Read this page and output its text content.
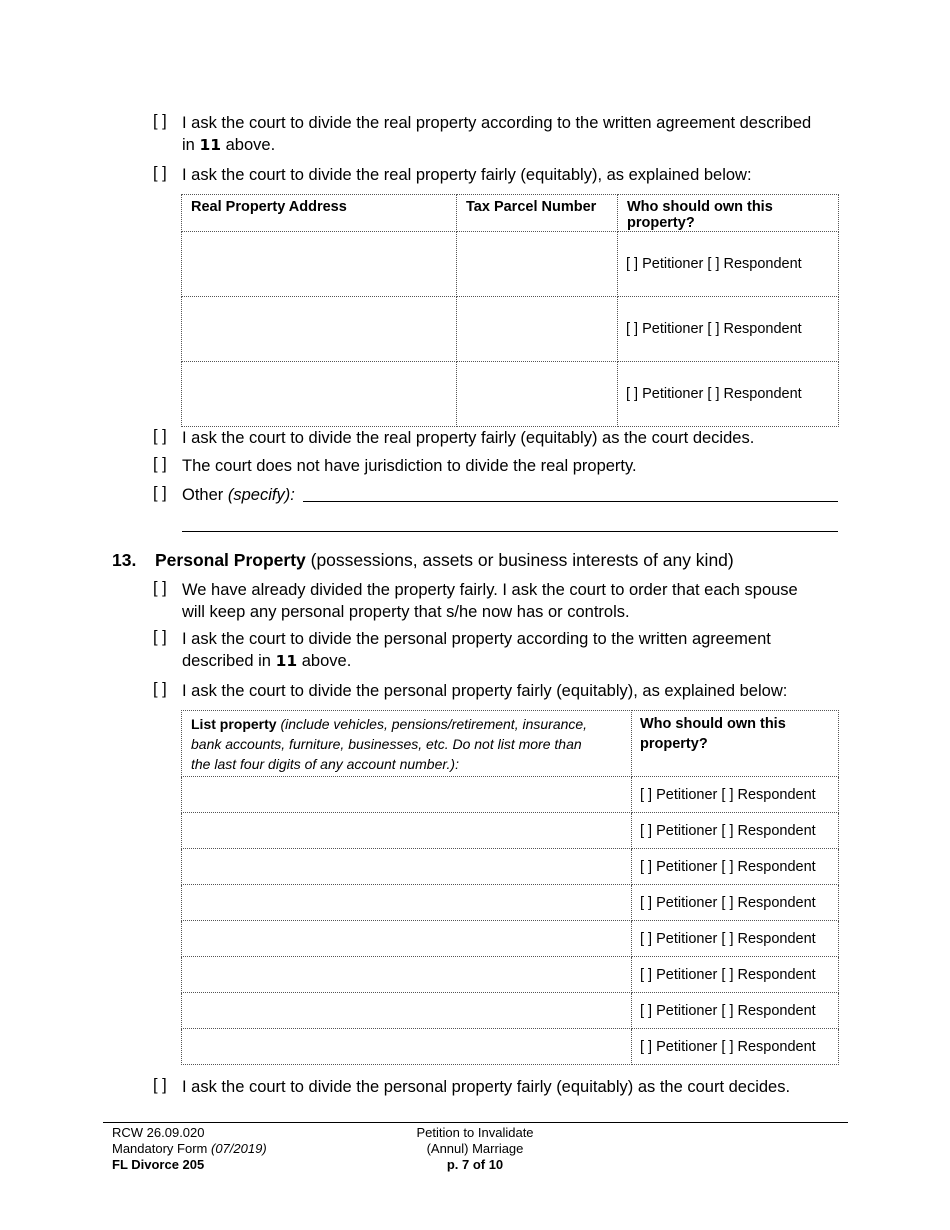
[ ] I ask the court to divide the real property according to the written agreement described
in 11 above.
[ ] I ask the court to divide the real property fairly (equitably), as explained below:
Real Property Address	Tax Parcel Number	Who should own this property?
		[ ] Petitioner [ ] Respondent
		[ ] Petitioner [ ] Respondent
		[ ] Petitioner [ ] Respondent
[ ] I ask the court to divide the real property fairly (equitably) as the court decides.
[ ] The court does not have jurisdiction to divide the real property.
[ ] Other (specify):
13. Personal Property (possessions, assets or business interests of any kind)
[ ] We have already divided the property fairly. I ask the court to order that each spouse
will keep any personal property that s/he now has or controls.
[ ] I ask the court to divide the personal property according to the written agreement
described in 11 above.
[ ] I ask the court to divide the personal property fairly (equitably), as explained below:
List property (include vehicles, pensions/retirement, insurance,
bank accounts, furniture, businesses, etc. Do not list more than
the last four digits of any account number.):	Who should own this
property?
	[ ] Petitioner [ ] Respondent
	[ ] Petitioner [ ] Respondent
	[ ] Petitioner [ ] Respondent
	[ ] Petitioner [ ] Respondent
	[ ] Petitioner [ ] Respondent
	[ ] Petitioner [ ] Respondent
	[ ] Petitioner [ ] Respondent
	[ ] Petitioner [ ] Respondent
[ ] I ask the court to divide the personal property fairly (equitably) as the court decides.
RCW 26.09.020
Mandatory Form (07/2019)
FL Divorce 205
Petition to Invalidate
(Annul) Marriage
p. 7 of 10
